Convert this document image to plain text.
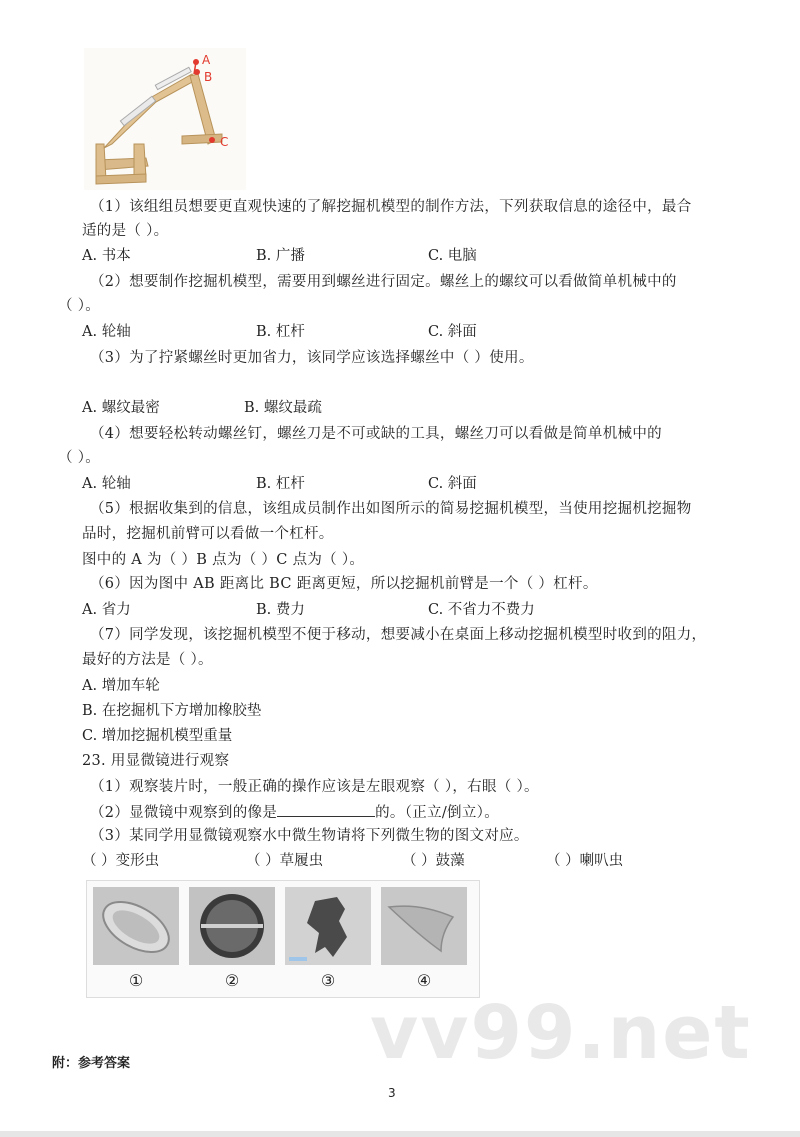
A
B
C
（1）该组组员想要更直观快速的了解挖掘机模型的制作方法，下列获取信息的途径中，最合
适的是（ ）。
A. 书本	B. 广播	C. 电脑
（2）想要制作挖掘机模型，需要用到螺丝进行固定。螺丝上的螺纹可以看做简单机械中的
（ ）。
A. 轮轴	B. 杠杆	C. 斜面
（3）为了拧紧螺丝时更加省力，该同学应该选择螺丝中（ ）使用。
A. 螺纹最密	B. 螺纹最疏
（4）想要轻松转动螺丝钉，螺丝刀是不可或缺的工具，螺丝刀可以看做是简单机械中的
（ ）。
A. 轮轴	B. 杠杆	C. 斜面
（5）根据收集到的信息，该组成员制作出如图所示的简易挖掘机模型，当使用挖掘机挖掘物
品时，挖掘机前臂可以看做一个杠杆。
图中的 A 为（ ）B 点为（ ）C 点为（ ）。
（6）因为图中 AB 距离比 BC 距离更短，所以挖掘机前臂是一个（ ）杠杆。
A. 省力	B. 费力	C. 不省力不费力
（7）同学发现，该挖掘机模型不便于移动，想要减小在桌面上移动挖掘机模型时收到的阻力，
最好的方法是（ ）。
A. 增加车轮
B. 在挖掘机下方增加橡胶垫
C. 增加挖掘机模型重量
23. 用显微镜进行观察
（1）观察装片时，一般正确的操作应该是左眼观察（ ），右眼（ ）。
（2）显微镜中观察到的像是	的。（正立/倒立）。
（3）某同学用显微镜观察水中微生物请将下列微生物的图文对应。
（ ）变形虫	（ ）草履虫	（ ）鼓藻	（ ）喇叭虫
①	②	③	④
vv99.net
附：参考答案
3
